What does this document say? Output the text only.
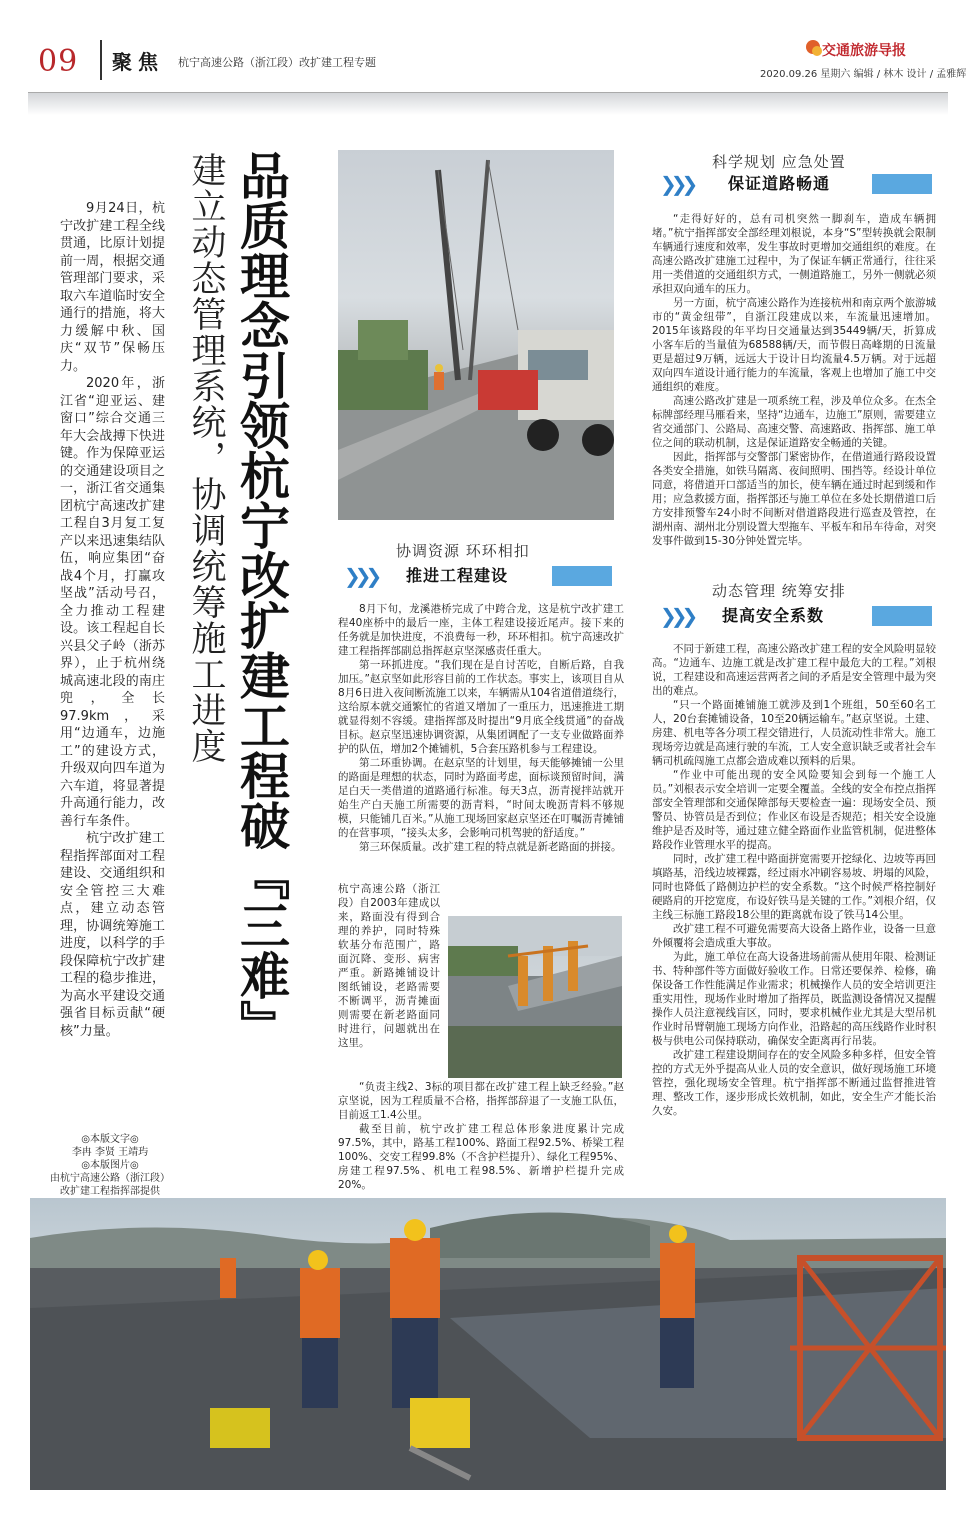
09 聚焦 杭宁高速公路（浙江段）改扩建工程专题
交通旅游导报
2020.09.26 星期六 编辑 / 林木 设计 / 孟雅辉
品质理念引领杭宁改扩建工程破『三难』
建立动态管理系统，协调统筹施工进度

9月24日，杭宁改扩建工程全线贯通，比原计划提前一周，根据交通管理部门要求，采取六车道临时安全通行的措施，将大力缓解中秋、国庆“双节”保畅压力。

2020年，浙江省“迎亚运、建窗口”综合交通三年大会战搏下快进键。作为保障亚运的交通建设项目之一，浙江省交通集团杭宁高速改扩建工程自3月复工复产以来迅速集结队伍，响应集团“奋战4个月，打赢攻坚战”活动号召，全力推动工程建设。该工程起自长兴县父子岭（浙苏界），止于杭州绕城高速北段的南庄兜，全长97.9km，采用“边通车，边施工”的建设方式，升级双向四车道为六车道，将显著提升高通行能力，改善行车条件。

杭宁改扩建工程指挥部面对工程建设、交通组织和安全管控三大难点，建立动态管理，协调统筹施工进度，以科学的手段保障杭宁改扩建工程的稳步推进，为高水平建设交通强省目标贡献“硬核”力量。

◎本版文字◎
李冉 李贤 王靖玙
◎本版图片◎
由杭宁高速公路（浙江段）
改扩建工程指挥部提供
科学规划 应急处置
❯❯❯ 保证道路畅通

“走得好好的，总有司机突然一脚刹车，造成车辆拥堵。”杭宁指挥部安全部经理刘根说，本身“S”型转换就会限制车辆通行速度和效率，发生事故时更增加交通组织的难度。在高速公路改扩建施工过程中，为了保证车辆正常通行，往往采用一类借道的交通组织方式，一侧道路施工，另外一侧就必须承担双向通车的压力。

另一方面，杭宁高速公路作为连接杭州和南京两个旅游城市的“黄金纽带”，自浙江段建成以来，车流量迅速增加。2015年该路段的年平均日交通量达到35449辆/天，折算成小客车后的当量值为68588辆/天，而节假日高峰期的日流量更是超过9万辆，远远大于设计日均流量4.5万辆。对于远超双向四车道设计通行能力的车流量，客观上也增加了施工中交通组织的难度。

高速公路改扩建是一项系统工程，涉及单位众多。在杰全标牌部经理马雁看来，坚持“边通车，边施工”原则，需要建立省交通部门、公路局、高速交警、高速路政、指挥部、施工单位之间的联动机制，这是保证道路安全畅通的关键。

因此，指挥部与交警部门紧密协作，在借道通行路段设置各类安全措施，如铁马隔离、夜间照明、围挡等。经设计单位同意，将借道开口部适当的加长，使车辆在通过时起到缓和作用；应急救援方面，指挥部还与施工单位在多处长期借道口后方安排预警车24小时不间断对借道路段进行巡查及管控，在湖州南、湖州北分别设置大型拖车、平板车和吊车待命，对突发事件做到15-30分钟处置完毕。

协调资源 环环相扣
❯❯❯ 推进工程建设

8月下旬，龙溪港桥完成了中跨合龙，这是杭宁改扩建工程40座桥中的最后一座，主体工程建设接近尾声。接下来的任务就是加快进度，不浪费每一秒，环环相扣。杭宁高速改扩建工程指挥部副总指挥赵京坚深感责任重大。

第一环抓进度。“我们现在是自讨苦吃，自断后路，自我加压。”赵京坚如此形容目前的工作状态。事实上，该项目自从8月6日进入夜间断流施工以来，车辆需从104省道借道绕行，这给原本就交通繁忙的省道又增加了一重压力，迅速推进工期就显得刻不容缓。建指挥部及时提出“9月底全线贯通”的奋战目标。赵京坚迅速协调资源，从集团调配了一支专业做路面养护的队伍，增加2个摊铺机，5合套压路机参与工程建设。

第二环重协调。在赵京坚的计划里，每天能够摊铺一公里的路面是理想的状态，同时为路面考虑，面标谈预留时间，满足白天一类借道的道路通行标准。每天3点，沥青搅拌站就开始生产白天施工所需要的沥青料，“时间太晚沥青料不够规模，只能铺几百米。”从施工现场回家赵京坚还在叮嘱沥青摊铺的在营事项，“接头太多，会影响司机驾驶的舒适度。”

第三环保质量。改扩建工程的特点就是新老路面的拼接。

杭宁高速公路（浙江段）自2003年建成以来，路面没有得到合理的养护，同时特殊软基分布范围广，路面沉降、变形、病害严重。新路摊铺设计图纸铺设，老路需要不断调平，沥青摊面则需要在新老路面同时进行，问题就出在这里。

“负责主线2、3标的项目都在改扩建工程上缺乏经验。”赵京坚说，因为工程质量不合格，指挥部辞退了一支施工队伍，目前返工1.4公里。

截至目前，杭宁改扩建工程总体形象进度累计完成97.5%，其中，路基工程100%、路面工程92.5%、桥梁工程100%、交安工程99.8%（不含护栏提升）、绿化工程95%、房建工程97.5%、机电工程98.5%、新增护栏提升完成20%。

动态管理 统筹安排
❯❯❯ 提高安全系数

不同于新建工程，高速公路改扩建工程的安全风险明显较高。“边通车、边施工就是改扩建工程中最危大的工程。”刘根说，工程建设和高速运营两者之间的矛盾是安全管理中最为突出的难点。

“只一个路面摊铺施工就涉及到1个班组，50至60名工人，20台套摊铺设备，10至20辆运输车。”赵京坚说。土建、房建、机电等各分项工程交错进行，人员流动性非常大。施工现场旁边就是高速行驶的车流，工人安全意识缺乏或者社会车辆司机疏闯施工点都会造成难以预料的后果。

“作业中可能出现的安全风险要知会到每一个施工人员。”刘根表示安全培训一定要全覆盖。全线的安全布控点指挥部安全管理部和交通保障部每天要检查一遍：现场安全员、预警员、协管员是否到位；作业区布设是否规范；相关安全设施维护是否及时等，通过建立健全路面作业监管机制，促进整体路段作业管理水平的提高。

同时，改扩建工程中路面拼宽需要开挖绿化、边坡等再回填路基，沿线边坡裸露，经过雨水冲刷容易坡、坍塌的风险，同时也降低了路侧边护栏的安全系数。“这个时候严格控制好硬路肩的开挖宽度，布设好铁马是关键的工作。”刘根介绍，仅主线三标施工路段18公里的距离就布设了铁马14公里。

改扩建工程不可避免需要高大设备上路作业，设备一旦意外倾覆将会造成重大事故。

为此，施工单位在高大设备进场前需从使用年限、检测证书、特种部件等方面做好验收工作。日常还要保养、检修，确保设备工作性能满足作业需求；机械操作人员的安全培训更注重实用性，现场作业时增加了指挥员，既监测设备情况又提醒操作人员注意视线盲区，同时，要求机械作业尤其是大型吊机作业时吊臂朝施工现场方向作业，沿路起的高压线路作业时积极与供电公司保持联动，确保安全距离再行吊装。

改扩建工程建设期间存在的安全风险多种多样，但安全管控的方式无外乎提高从业人员的安全意识，做好现场施工环境管控，强化现场安全管理。杭宁指挥部不断通过监督推进管理、整改工作，逐步形成长效机制，如此，安全生产才能长治久安。
